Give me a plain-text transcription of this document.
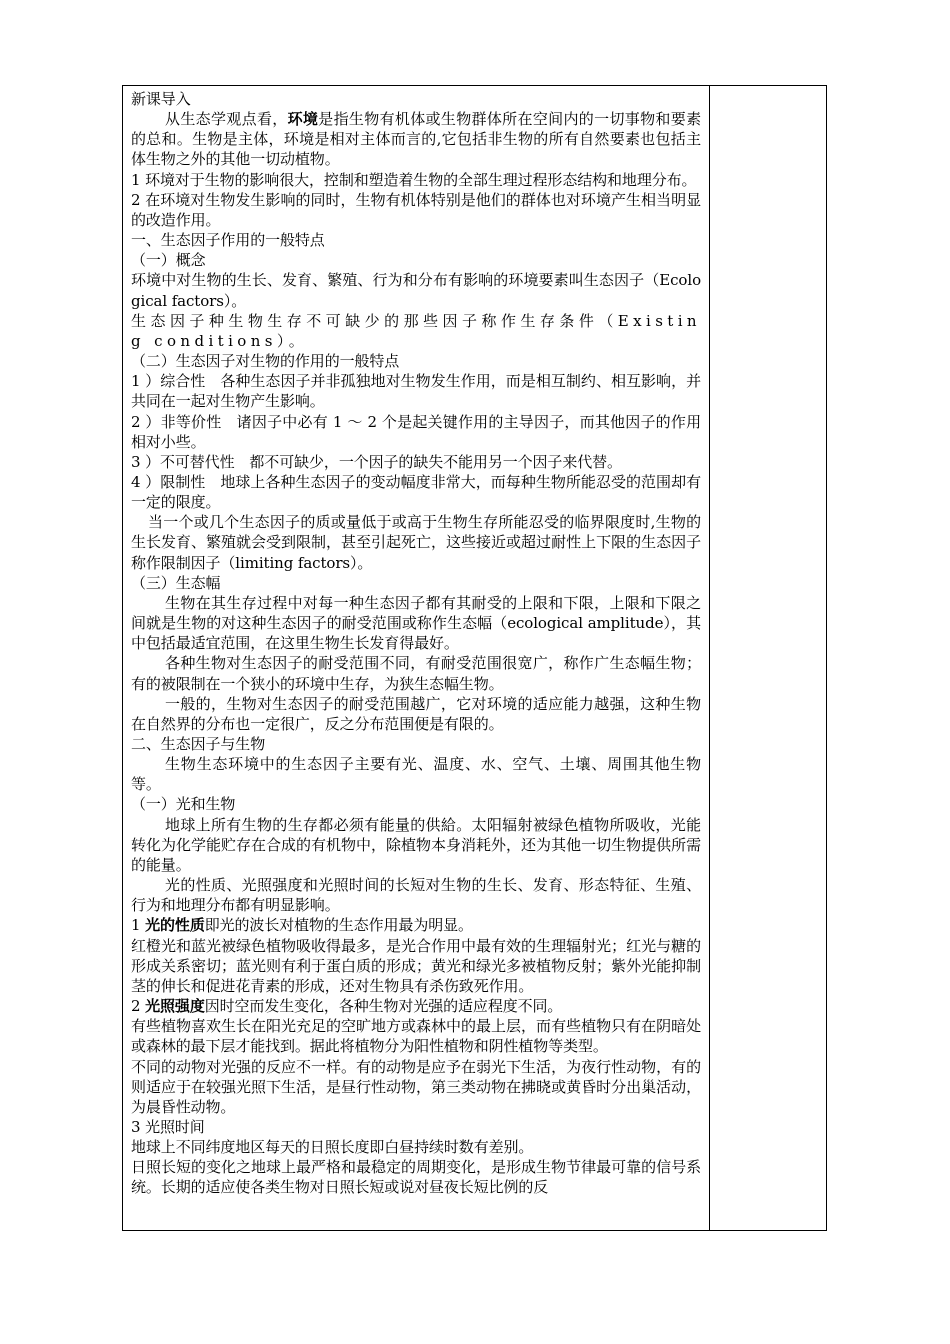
新课导入

从生态学观点看，环境是指生物有机体或生物群体所在空间内的一切事物和要素的总和。生物是主体，环境是相对主体而言的,它包括非生物的所有自然要素也包括主体生物之外的其他一切动植物。

1 环境对于生物的影响很大，控制和塑造着生物的全部生理过程形态结构和地理分布。

2 在环境对生物发生影响的同时，生物有机体特别是他们的群体也对环境产生相当明显的改造作用。

一、生态因子作用的一般特点

（一）概念

环境中对生物的生长、发育、繁殖、行为和分布有影响的环境要素叫生态因子（Ecological factors）。

生态因子种生物生存不可缺少的那些因子称作生存条件（Existing conditions）。

（二）生态因子对生物的作用的一般特点

1 ）综合性　各种生态因子并非孤独地对生物发生作用，而是相互制约、相互影响，并共同在一起对生物产生影响。

2 ）非等价性　诸因子中必有 1 ～ 2 个是起关键作用的主导因子，而其他因子的作用相对小些。

3 ）不可替代性　都不可缺少，一个因子的缺失不能用另一个因子来代替。

4 ）限制性　地球上各种生态因子的变动幅度非常大，而每种生物所能忍受的范围却有一定的限度。

当一个或几个生态因子的质或量低于或高于生物生存所能忍受的临界限度时,生物的生长发育、繁殖就会受到限制，甚至引起死亡，这些接近或超过耐性上下限的生态因子称作限制因子（limiting factors）。

（三）生态幅

生物在其生存过程中对每一种生态因子都有其耐受的上限和下限，上限和下限之间就是生物的对这种生态因子的耐受范围或称作生态幅（ecological amplitude），其中包括最适宜范围，在这里生物生长发育得最好。

各种生物对生态因子的耐受范围不同，有耐受范围很宽广，称作广生态幅生物；有的被限制在一个狭小的环境中生存，为狭生态幅生物。

一般的，生物对生态因子的耐受范围越广，它对环境的适应能力越强，这种生物在自然界的分布也一定很广，反之分布范围便是有限的。

二、生态因子与生物

生物生态环境中的生态因子主要有光、温度、水、空气、土壤、周围其他生物等。

（一）光和生物

地球上所有生物的生存都必须有能量的供給。太阳辐射被绿色植物所吸收，光能转化为化学能贮存在合成的有机物中，除植物本身消耗外，还为其他一切生物提供所需的能量。

光的性质、光照强度和光照时间的长短对生物的生长、发育、形态特征、生殖、行为和地理分布都有明显影响。

1 光的性质即光的波长对植物的生态作用最为明显。

红橙光和蓝光被绿色植物吸收得最多，是光合作用中最有效的生理辐射光；红光与糖的形成关系密切；蓝光则有利于蛋白质的形成；黄光和绿光多被植物反射；紫外光能抑制茎的伸长和促进花青素的形成，还对生物具有杀伤致死作用。

2 光照强度因时空而发生变化，各种生物对光强的适应程度不同。

有些植物喜欢生长在阳光充足的空旷地方或森林中的最上层，而有些植物只有在阴暗处或森林的最下层才能找到。据此将植物分为阳性植物和阴性植物等类型。

不同的动物对光强的反应不一样。有的动物是应予在弱光下生活，为夜行性动物，有的则适应于在较强光照下生活，是昼行性动物，第三类动物在拂晓或黄昏时分出巢活动，为晨昏性动物。

3 光照时间

地球上不同纬度地区每天的日照长度即白昼持续时数有差别。

日照长短的变化之地球上最严格和最稳定的周期变化，是形成生物节律最可靠的信号系统。长期的适应使各类生物对日照长短或说对昼夜长短比例的反
